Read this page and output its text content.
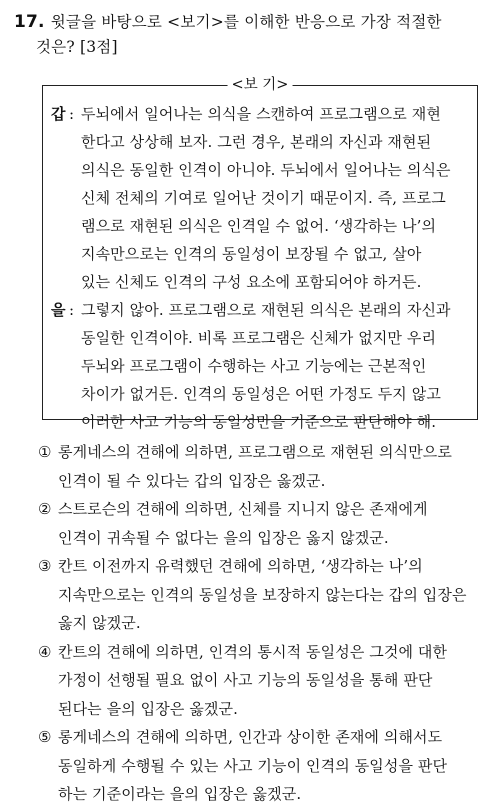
17. 윗글을 바탕으로 <보기>를 이해한 반응으로 가장 적절한
것은? [3점]
<보 기>
갑 : 두뇌에서 일어나는 의식을 스캔하여 프로그램으로 재현
한다고 상상해 보자. 그런 경우, 본래의 자신과 재현된
의식은 동일한 인격이 아니야. 두뇌에서 일어나는 의식은
신체 전체의 기여로 일어난 것이기 때문이지. 즉, 프로그
램으로 재현된 의식은 인격일 수 없어. ‘생각하는 나’의
지속만으로는 인격의 동일성이 보장될 수 없고, 살아
있는 신체도 인격의 구성 요소에 포함되어야 하거든.
을 : 그렇지 않아. 프로그램으로 재현된 의식은 본래의 자신과
동일한 인격이야. 비록 프로그램은 신체가 없지만 우리
두뇌와 프로그램이 수행하는 사고 기능에는 근본적인
차이가 없거든. 인격의 동일성은 어떤 가정도 두지 않고
이러한 사고 기능의 동일성만을 기준으로 판단해야 해.
① 롱게네스의 견해에 의하면, 프로그램으로 재현된 의식만으로
인격이 될 수 있다는 갑의 입장은 옳겠군.
② 스트로슨의 견해에 의하면, 신체를 지니지 않은 존재에게
인격이 귀속될 수 없다는 을의 입장은 옳지 않겠군.
③ 칸트 이전까지 유력했던 견해에 의하면, ‘생각하는 나’의
지속만으로는 인격의 동일성을 보장하지 않는다는 갑의 입장은
옳지 않겠군.
④ 칸트의 견해에 의하면, 인격의 통시적 동일성은 그것에 대한
가정이 선행될 필요 없이 사고 기능의 동일성을 통해 판단
된다는 을의 입장은 옳겠군.
⑤ 롱게네스의 견해에 의하면, 인간과 상이한 존재에 의해서도
동일하게 수행될 수 있는 사고 기능이 인격의 동일성을 판단
하는 기준이라는 을의 입장은 옳겠군.
